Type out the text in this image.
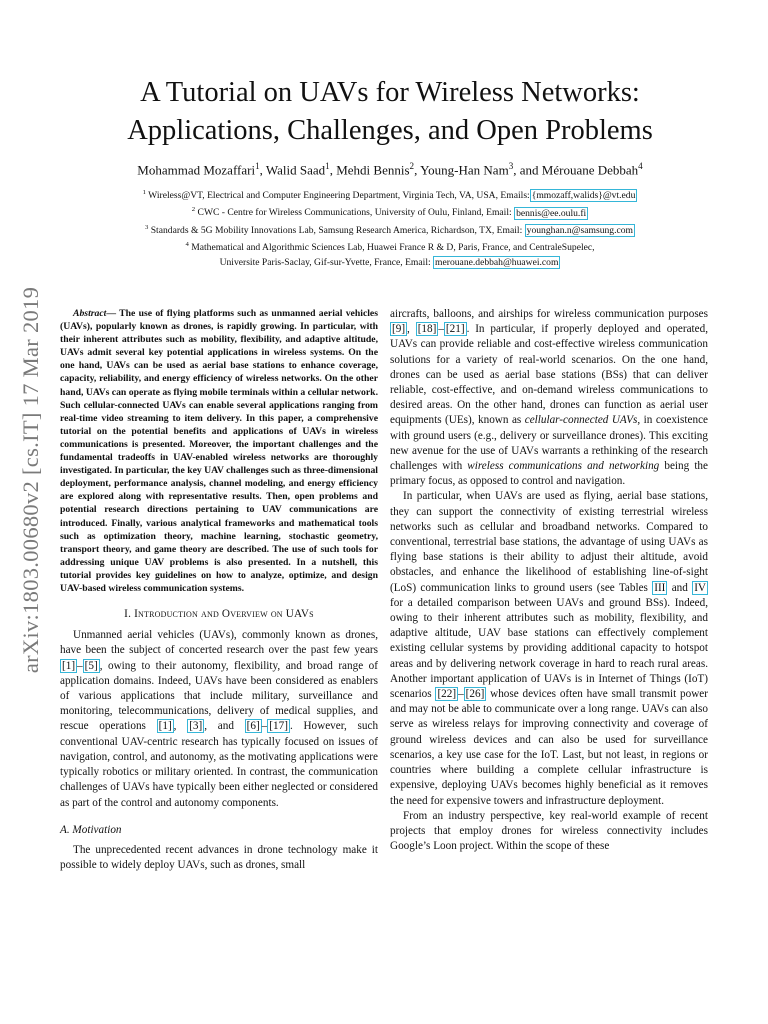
arXiv:1803.00680v2 [cs.IT] 17 Mar 2019
A Tutorial on UAVs for Wireless Networks:
Applications, Challenges, and Open Problems
Mohammad Mozaffari$^1$, Walid Saad$^1$, Mehdi Bennis$^2$, Young-Han Nam$^3$, and Mérouane Debbah$^4$
$^1$ Wireless@VT, Electrical and Computer Engineering Department, Virginia Tech, VA, USA, Emails: {mmozaff,walids}@vt.edu
$^2$ CWC - Centre for Wireless Communications, University of Oulu, Finland, Email: bennis@ee.oulu.fi
$^3$ Standards & 5G Mobility Innovations Lab, Samsung Research America, Richardson, TX, Email: younghan.n@samsung.com
$^4$ Mathematical and Algorithmic Sciences Lab, Huawei France R & D, Paris, France, and CentraleSupelec,
Universite Paris-Saclay, Gif-sur-Yvette, France, Email: merouane.debbah@huawei.com

Abstract— The use of flying platforms such as unmanned aerial vehicles (UAVs), popularly known as drones, is rapidly growing. In particular, with their inherent attributes such as mobility, flexibility, and adaptive altitude, UAVs admit several key potential applications in wireless systems. On the one hand, UAVs can be used as aerial base stations to enhance coverage, capacity, reliability, and energy efficiency of wireless networks. On the other hand, UAVs can operate as flying mobile terminals within a cellular network. Such cellular-connected UAVs can enable several applications ranging from real-time video streaming to item delivery. In this paper, a comprehensive tutorial on the potential benefits and applications of UAVs in wireless communications is presented. Moreover, the important challenges and the fundamental tradeoffs in UAV-enabled wireless networks are thoroughly investigated. In particular, the key UAV challenges such as three-dimensional deployment, performance analysis, channel modeling, and energy efficiency are explored along with representative results. Then, open problems and potential research directions pertaining to UAV communications are introduced. Finally, various analytical frameworks and mathematical tools such as optimization theory, machine learning, stochastic geometry, transport theory, and game theory are described. The use of such tools for addressing unique UAV problems is also presented. In a nutshell, this tutorial provides key guidelines on how to analyze, optimize, and design UAV-based wireless communication systems.

I. Introduction and Overview on UAVs

Unmanned aerial vehicles (UAVs), commonly known as drones, have been the subject of concerted research over the past few years [1] – [5] , owing to their autonomy, flexibility, and broad range of application domains. Indeed, UAVs have been considered as enablers of various applications that include military, surveillance and monitoring, telecommunications, delivery of medical supplies, and rescue operations [1] , [3] , and [6] – [17] . However, such conventional UAV-centric research has typically focused on issues of navigation, control, and autonomy, as the motivating applications were typically robotics or military oriented. In contrast, the communication challenges of UAVs have typically been either neglected or considered as part of the control and autonomy components.

A. Motivation

The unprecedented recent advances in drone technology make it possible to widely deploy UAVs, such as drones, small

aircrafts, balloons, and airships for wireless communication purposes [9] , [18] – [21] . In particular, if properly deployed and operated, UAVs can provide reliable and cost-effective wireless communication solutions for a variety of real-world scenarios. On the one hand, drones can be used as aerial base stations (BSs) that can deliver reliable, cost-effective, and on-demand wireless communications to desired areas. On the other hand, drones can function as aerial user equipments (UEs), known as cellular-connected UAVs, in coexistence with ground users (e.g., delivery or surveillance drones). This exciting new avenue for the use of UAVs warrants a rethinking of the research challenges with wireless communications and networking being the primary focus, as opposed to control and navigation.

In particular, when UAVs are used as flying, aerial base stations, they can support the connectivity of existing terrestrial wireless networks such as cellular and broadband networks. Compared to conventional, terrestrial base stations, the advantage of using UAVs as flying base stations is their ability to adjust their altitude, avoid obstacles, and enhance the likelihood of establishing line-of-sight (LoS) communication links to ground users (see Tables III and IV for a detailed comparison between UAVs and ground BSs). Indeed, owing to their inherent attributes such as mobility, flexibility, and adaptive altitude, UAV base stations can effectively complement existing cellular systems by providing additional capacity to hotspot areas and by delivering network coverage in hard to reach rural areas. Another important application of UAVs is in Internet of Things (IoT) scenarios [22] – [26] whose devices often have small transmit power and may not be able to communicate over a long range. UAVs can also serve as wireless relays for improving connectivity and coverage of ground wireless devices and can also be used for surveillance scenarios, a key use case for the IoT. Last, but not least, in regions or countries where building a complete cellular infrastructure is expensive, deploying UAVs becomes highly beneficial as it removes the need for expensive towers and infrastructure deployment.

From an industry perspective, key real-world example of recent projects that employ drones for wireless connectivity includes Google’s Loon project. Within the scope of these
